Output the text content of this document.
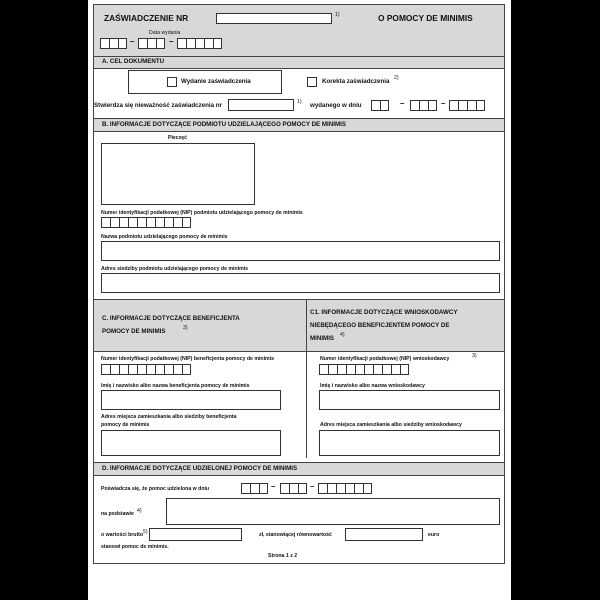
ZAŚWIADCZENIE NR	1)	O POMOCY DE MINIMIS
Data wydania
–	–
A. CEL DOKUMENTU
Wydanie zaświadczenia	Korekta zaświadczenia 2)
Stwierdza się nieważność zaświadczenia nr	1) wydanego w dniu	–	–
B. INFORMACJE DOTYCZĄCE PODMIOTU UDZIELAJĄCEGO POMOCY DE MINIMIS
Pieczęć
Numer identyfikacji podatkowej (NIP) podmiotu udzielającego pomocy de minimis
Nazwa podmiotu udzielającego pomocy de minimis
Adres siedziby podmiotu udzielającego pomocy de minimis
C. INFORMACJE DOTYCZĄCE BENEFICJENTA
POMOCY DE MINIMIS	3)
C1. INFORMACJE DOTYCZĄCE WNIOSKODAWCY
NIEBĘDĄCEGO BENEFICJENTEM POMOCY DE
MINIMIS 4)
Numer identyfikacji podatkowej (NIP) beneficjenta pomocy de minimis
Imię i nazwisko albo nazwa beneficjenta pomocy de minimis
Adres miejsca zamieszkania albo siedziby beneficjenta
pomocy de minimis
Numer identyfikacji podatkowej (NIP) wnioskodawcy	3)
Imię i nazwisko albo nazwa wnioskodawcy
Adres miejsca zamieszkania albo siedziby wnioskodawcy
D. INFORMACJE DOTYCZĄCE UDZIELONEJ POMOCY DE MINIMIS
Poświadcza się, że pomoc udzielona w dniu	–	–
na podstawie 4)
o wartości brutto 5)	zł, stanowiącej równowartość	euro
stanowi pomoc de minimis.
Strona 1 z 2
